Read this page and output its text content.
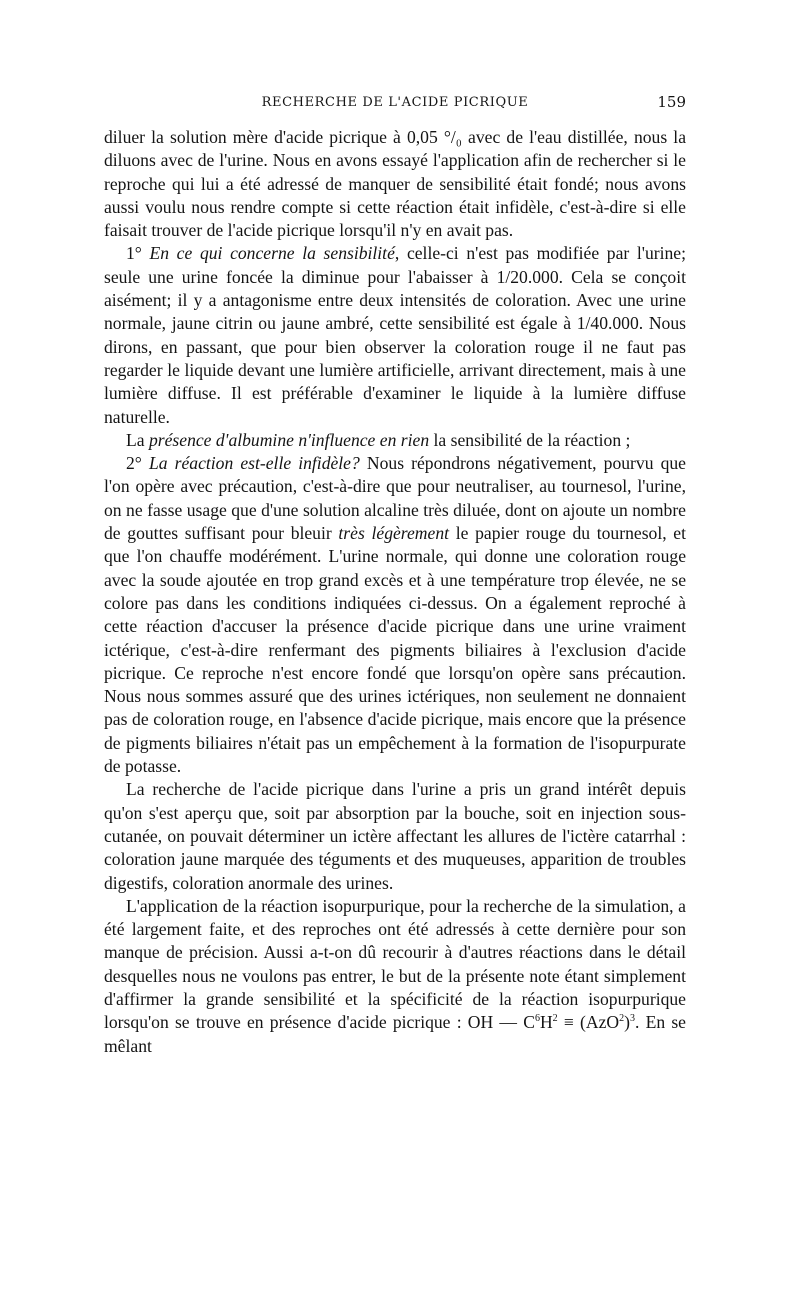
RECHERCHE DE L'ACIDE PICRIQUE	159

diluer la solution mère d'acide picrique à 0,05 °/₀ avec de l'eau distillée, nous la diluons avec de l'urine. Nous en avons essayé l'application afin de rechercher si le reproche qui lui a été adressé de manquer de sensibilité était fondé; nous avons aussi voulu nous rendre compte si cette réaction était infidèle, c'est-à-dire si elle faisait trouver de l'acide picrique lorsqu'il n'y en avait pas.

1° En ce qui concerne la sensibilité, celle-ci n'est pas modifiée par l'urine; seule une urine foncée la diminue pour l'abaisser à 1/20.000. Cela se conçoit aisément; il y a antagonisme entre deux intensités de coloration. Avec une urine normale, jaune citrin ou jaune ambré, cette sensibilité est égale à 1/40.000. Nous dirons, en passant, que pour bien observer la coloration rouge il ne faut pas regarder le liquide devant une lumière artificielle, arrivant directement, mais à une lumière diffuse. Il est préférable d'examiner le liquide à la lumière diffuse naturelle.

La présence d'albumine n'influence en rien la sensibilité de la réaction ;

2° La réaction est-elle infidèle? Nous répondrons négativement, pourvu que l'on opère avec précaution, c'est-à-dire que pour neutraliser, au tournesol, l'urine, on ne fasse usage que d'une solution alcaline très diluée, dont on ajoute un nombre de gouttes suffisant pour bleuir très légèrement le papier rouge du tournesol, et que l'on chauffe modérément. L'urine normale, qui donne une coloration rouge avec la soude ajoutée en trop grand excès et à une température trop élevée, ne se colore pas dans les conditions indiquées ci-dessus. On a également reproché à cette réaction d'accuser la présence d'acide picrique dans une urine vraiment ictérique, c'est-à-dire renfermant des pigments biliaires à l'exclusion d'acide picrique. Ce reproche n'est encore fondé que lorsqu'on opère sans précaution. Nous nous sommes assuré que des urines ictériques, non seulement ne donnaient pas de coloration rouge, en l'absence d'acide picrique, mais encore que la présence de pigments biliaires n'était pas un empêchement à la formation de l'isopurpurate de potasse.

La recherche de l'acide picrique dans l'urine a pris un grand intérêt depuis qu'on s'est aperçu que, soit par absorption par la bouche, soit en injection sous-cutanée, on pouvait déterminer un ictère affectant les allures de l'ictère catarrhal : coloration jaune marquée des téguments et des muqueuses, apparition de troubles digestifs, coloration anormale des urines.

L'application de la réaction isopurpurique, pour la recherche de la simulation, a été largement faite, et des reproches ont été adressés à cette dernière pour son manque de précision. Aussi a-t-on dû recourir à d'autres réactions dans le détail desquelles nous ne voulons pas entrer, le but de la présente note étant simplement d'affirmer la grande sensibilité et la spécificité de la réaction isopurpurique lorsqu'on se trouve en présence d'acide picrique : OH — $C^6H^2 \equiv (AzO^2)^3$. En se mêlant
